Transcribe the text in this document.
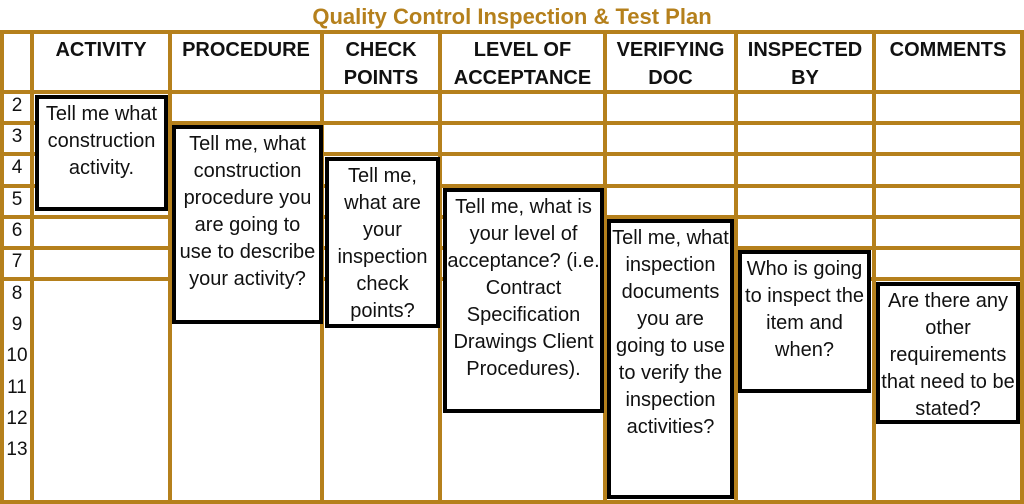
Quality Control Inspection & Test Plan
ACTIVITY	PROCEDURE	CHECK POINTS
LEVEL OF ACCEPTANCE
VERIFYING DOC
INSPECTED BY
COMMENTS
2
3
4
5
6
7
8
9
10
11
12
13
Tell me what construction activity.
Tell me, what construction procedure you are going to use to describe your activity?
Tell me, what are your inspection check points?
Tell me, what is your level of acceptance? (i.e. Contract Specification Drawings Client Procedures).
Tell me, what inspection documents you are going to use to verify the inspection activities?
Who is going to inspect the item and when?
Are there any other requirements that need to be stated?
